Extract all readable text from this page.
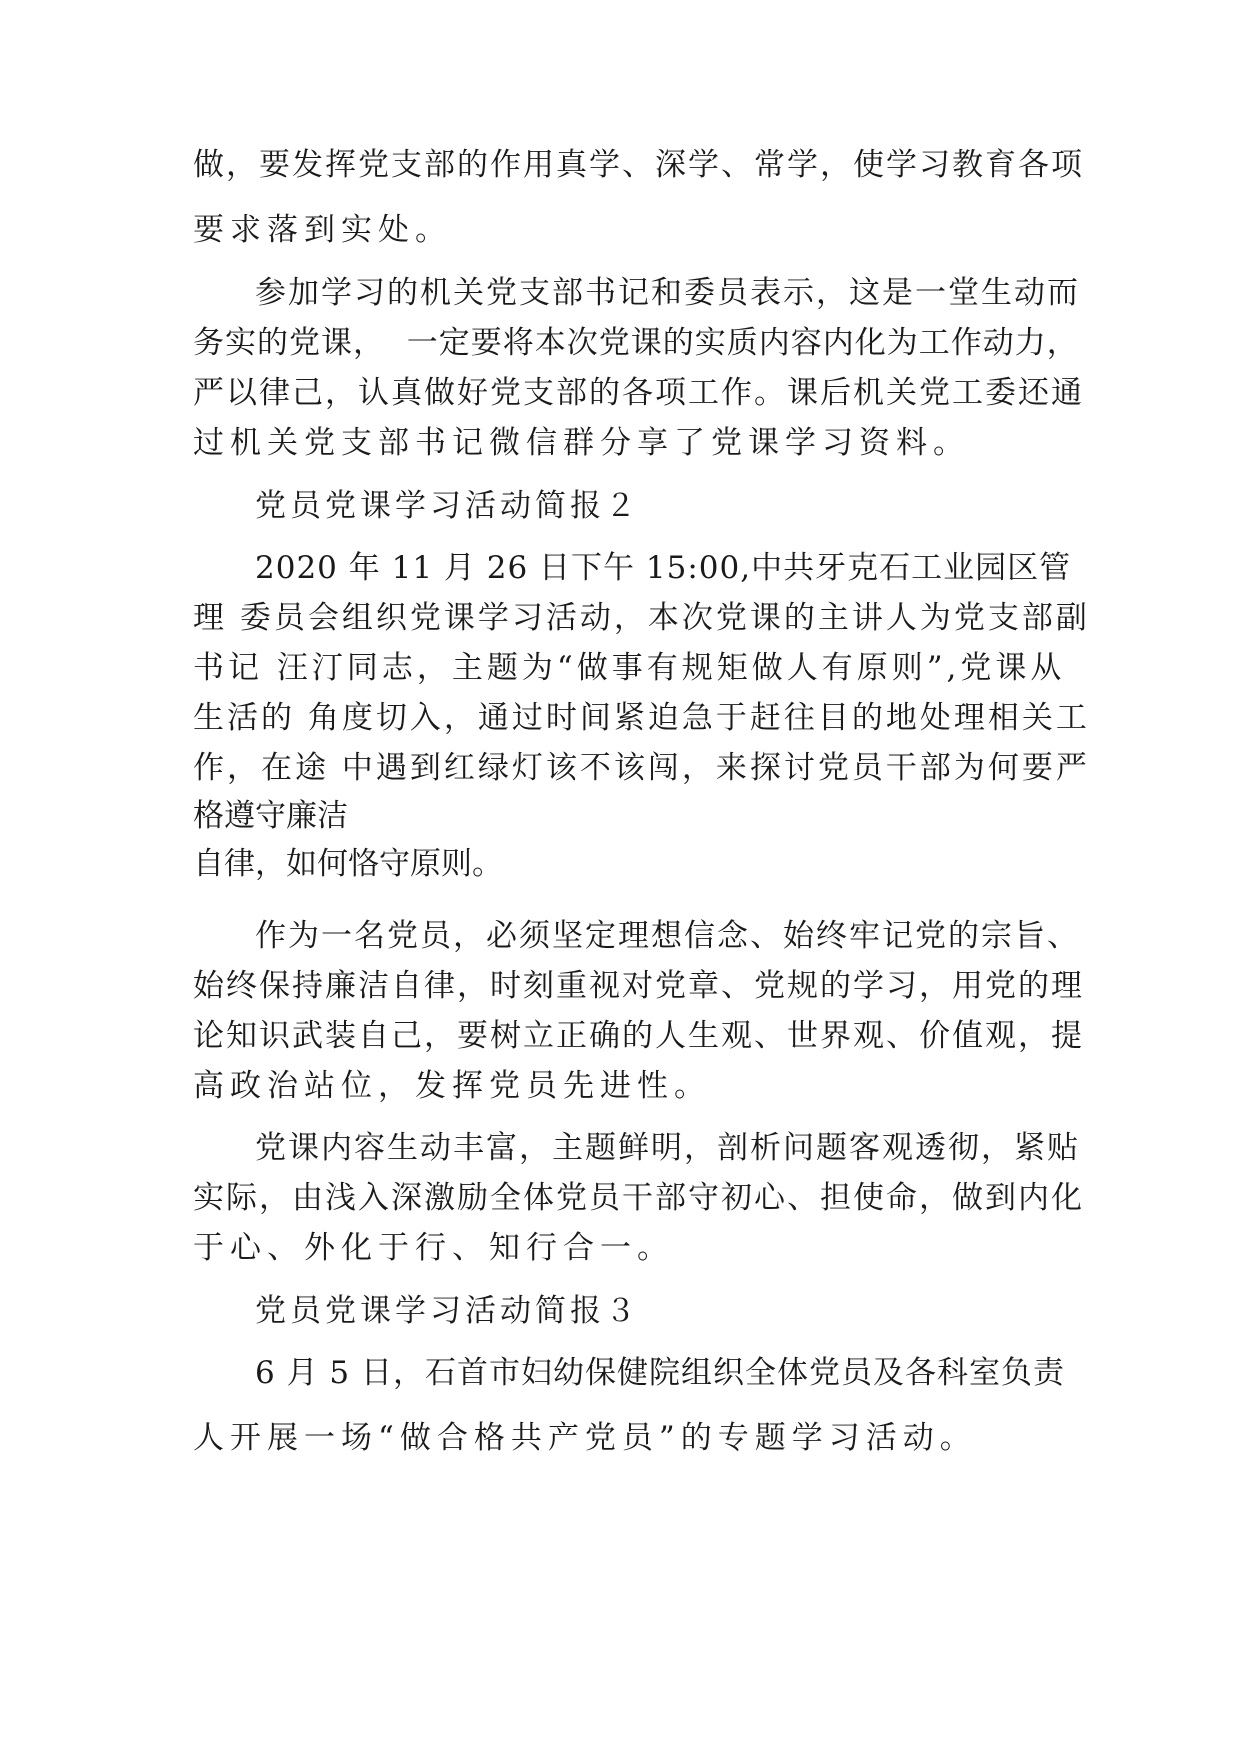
做，要发挥党支部的作用真学、深学、常学，使学习教育各项

要求落到实处。

参加学习的机关党支部书记和委员表示，这是一堂生动而

务实的党课，  一定要将本次党课的实质内容内化为工作动力，

严以律己，认真做好党支部的各项工作。课后机关党工委还通

过机关党支部书记微信群分享了党课学习资料。

党员党课学习活动简报２

2020 年 11 月 26 日下午 15:00,中共牙克石工业园区管

理 委员会组织党课学习活动，本次党课的主讲人为党支部副

书记 汪汀同志，主题为“做事有规矩做人有原则”,党课从

生活的 角度切入，通过时间紧迫急于赶往目的地处理相关工

作，在途 中遇到红绿灯该不该闯，来探讨党员干部为何要严

格遵守廉洁

自律，如何恪守原则。

作为一名党员，必须坚定理想信念、始终牢记党的宗旨、

始终保持廉洁自律，时刻重视对党章、党规的学习，用党的理

论知识武装自己，要树立正确的人生观、世界观、价值观，提

高政治站位，发挥党员先进性。

党课内容生动丰富，主题鲜明，剖析问题客观透彻，紧贴

实际，由浅入深激励全体党员干部守初心、担使命，做到内化

于心、外化于行、知行合一。

党员党课学习活动简报３

6 月 5 日，石首市妇幼保健院组织全体党员及各科室负责

人开展一场“做合格共产党员”的专题学习活动。
